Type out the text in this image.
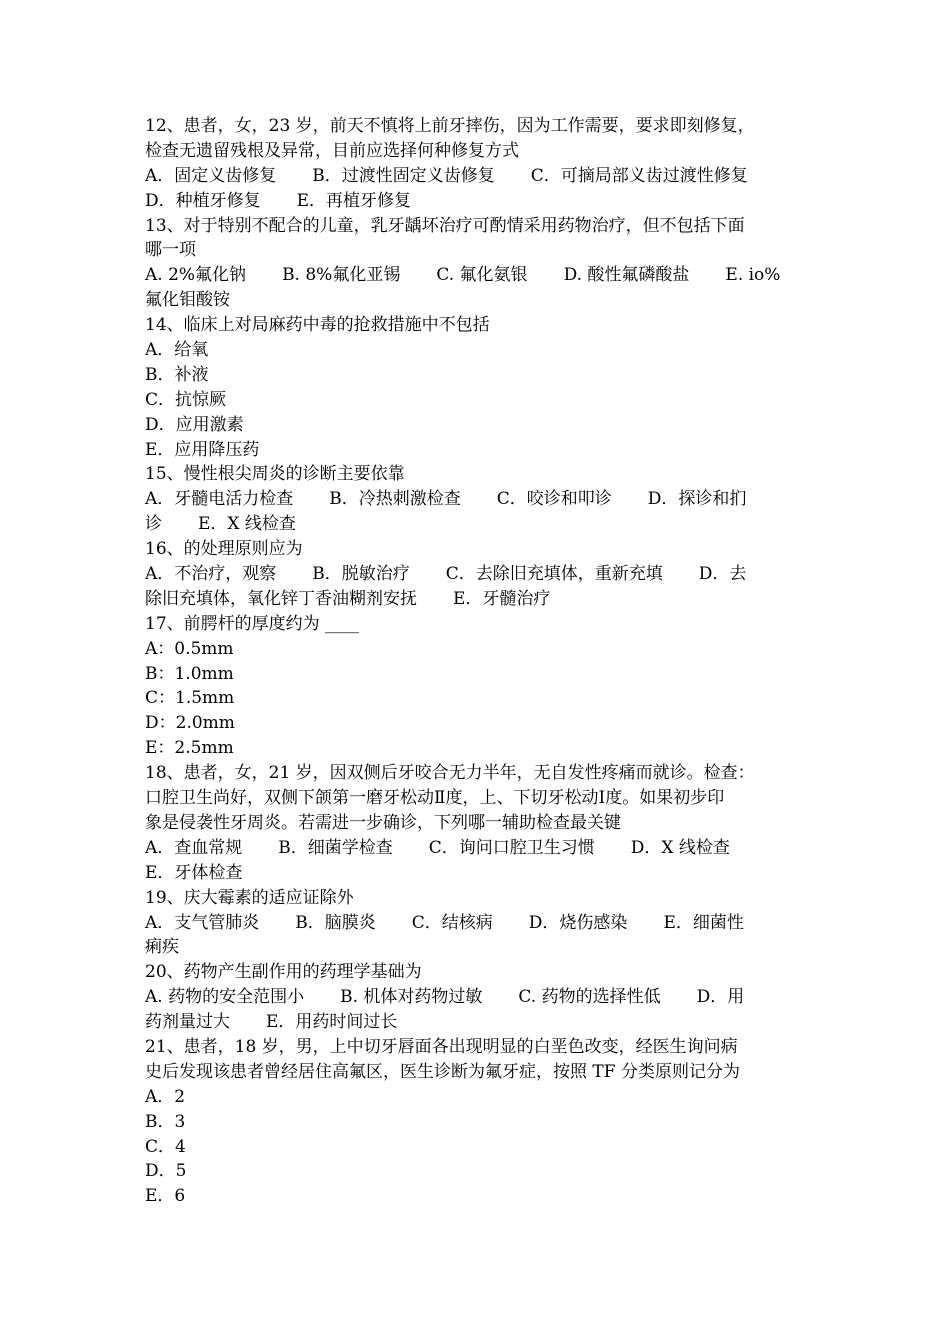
12、患者，女，23 岁，前天不慎将上前牙摔伤，因为工作需要，要求即刻修复，
检查无遗留残根及异常，目前应选择何种修复方式
A．固定义齿修复 B．过渡性固定义齿修复 C．可摘局部义齿过渡性修复
D．种植牙修复 E．再植牙修复
13、对于特别不配合的儿童，乳牙龋坏治疗可酌情采用药物治疗，但不包括下面
哪一项
A. 2%氟化钠 B. 8%氟化亚锡 C. 氟化氨银 D. 酸性氟磷酸盐 E. io%
氟化钼酸铵
14、临床上对局麻药中毒的抢救措施中不包括
A．给氧
B．补液
C．抗惊厥
D．应用激素
E．应用降压药
15、慢性根尖周炎的诊断主要依靠
A．牙髓电活力检查 B．冷热刺激检查 C．咬诊和叩诊 D．探诊和扪
诊 E．X 线检查
16、的处理原则应为
A．不治疗，观察 B．脱敏治疗 C．去除旧充填体，重新充填 D．去
除旧充填体，氧化锌丁香油糊剂安抚 E．牙髓治疗
17、前腭杆的厚度约为 ____
A：0.5mm
B：1.0mm
C：1.5mm
D：2.0mm
E：2.5mm
18、患者，女，21 岁，因双侧后牙咬合无力半年，无自发性疼痛而就诊。检查：
口腔卫生尚好，双侧下颌第一磨牙松动Ⅱ度，上、下切牙松动Ⅰ度。如果初步印
象是侵袭性牙周炎。若需进一步确诊，下列哪一辅助检查最关键
A．查血常规 B．细菌学检查 C．询问口腔卫生习惯 D．X 线检查
E．牙体检查
19、庆大霉素的适应证除外
A．支气管肺炎 B．脑膜炎 C．结核病 D．烧伤感染 E．细菌性
痢疾
20、药物产生副作用的药理学基础为
A. 药物的安全范围小 B. 机体对药物过敏 C. 药物的选择性低 D．用
药剂量过大 E．用药时间过长
21、患者，18 岁，男，上中切牙唇面各出现明显的白垩色改变，经医生询问病
史后发现该患者曾经居住高氟区，医生诊断为氟牙症，按照 TF 分类原则记分为
A．2
B．3
C．4
D．5
E．6
